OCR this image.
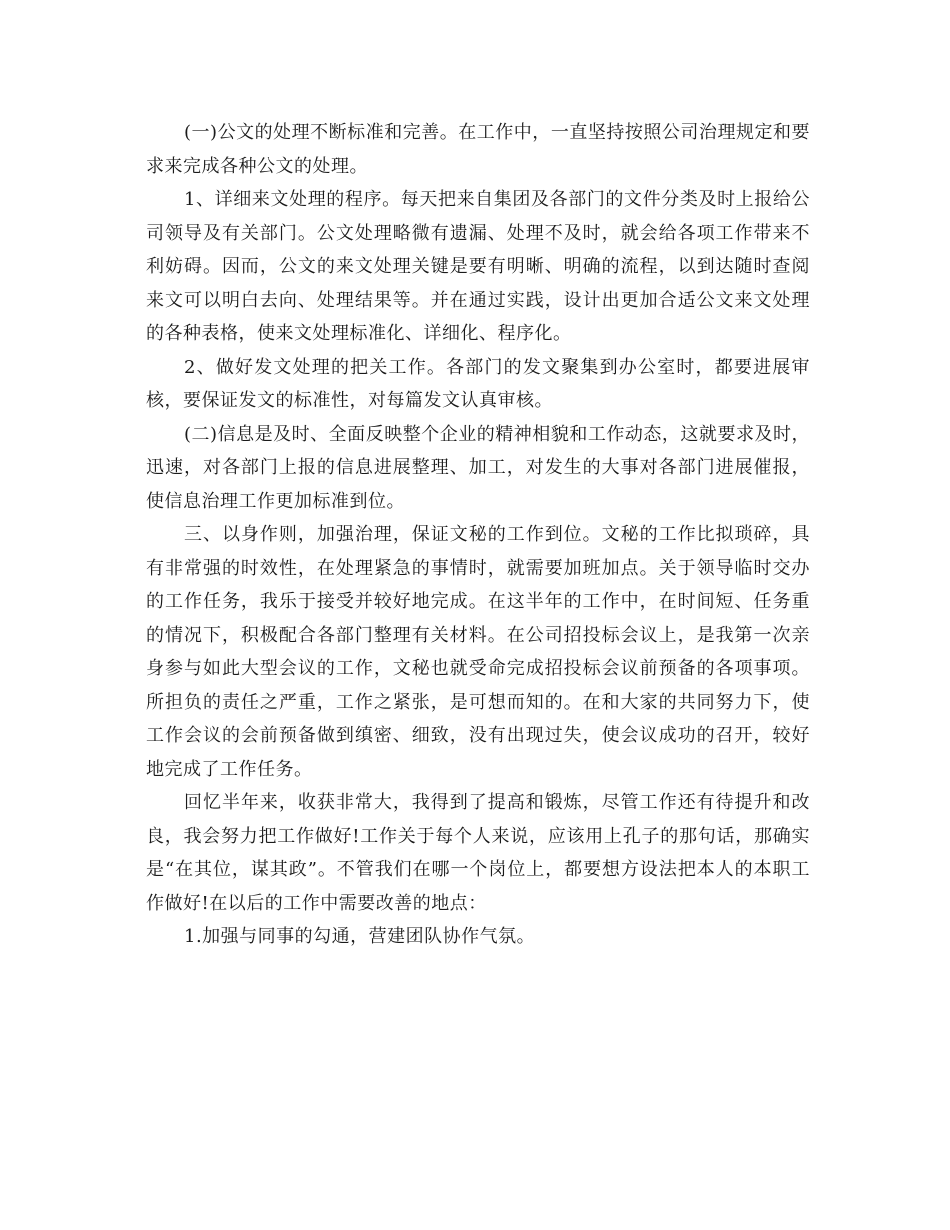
(一)公文的处理不断标准和完善。在工作中，一直坚持按照公司治理规定和要求来完成各种公文的处理。

1、详细来文处理的程序。每天把来自集团及各部门的文件分类及时上报给公司领导及有关部门。公文处理略微有遗漏、处理不及时，就会给各项工作带来不利妨碍。因而，公文的来文处理关键是要有明晰、明确的流程，以到达随时查阅来文可以明白去向、处理结果等。并在通过实践，设计出更加合适公文来文处理的各种表格，使来文处理标准化、详细化、程序化。

2、做好发文处理的把关工作。各部门的发文聚集到办公室时，都要进展审核，要保证发文的标准性，对每篇发文认真审核。

(二)信息是及时、全面反映整个企业的精神相貌和工作动态，这就要求及时，迅速，对各部门上报的信息进展整理、加工，对发生的大事对各部门进展催报，使信息治理工作更加标准到位。

三、以身作则，加强治理，保证文秘的工作到位。文秘的工作比拟琐碎，具有非常强的时效性，在处理紧急的事情时，就需要加班加点。关于领导临时交办的工作任务，我乐于接受并较好地完成。在这半年的工作中，在时间短、任务重的情况下，积极配合各部门整理有关材料。在公司招投标会议上，是我第一次亲身参与如此大型会议的工作，文秘也就受命完成招投标会议前预备的各项事项。所担负的责任之严重，工作之紧张，是可想而知的。在和大家的共同努力下，使工作会议的会前预备做到缜密、细致，没有出现过失，使会议成功的召开，较好地完成了工作任务。

回忆半年来，收获非常大，我得到了提高和锻炼，尽管工作还有待提升和改良，我会努力把工作做好!工作关于每个人来说，应该用上孔子的那句话，那确实是“在其位，谋其政”。不管我们在哪一个岗位上，都要想方设法把本人的本职工作做好!在以后的工作中需要改善的地点：

1.加强与同事的勾通，营建团队协作气氛。
